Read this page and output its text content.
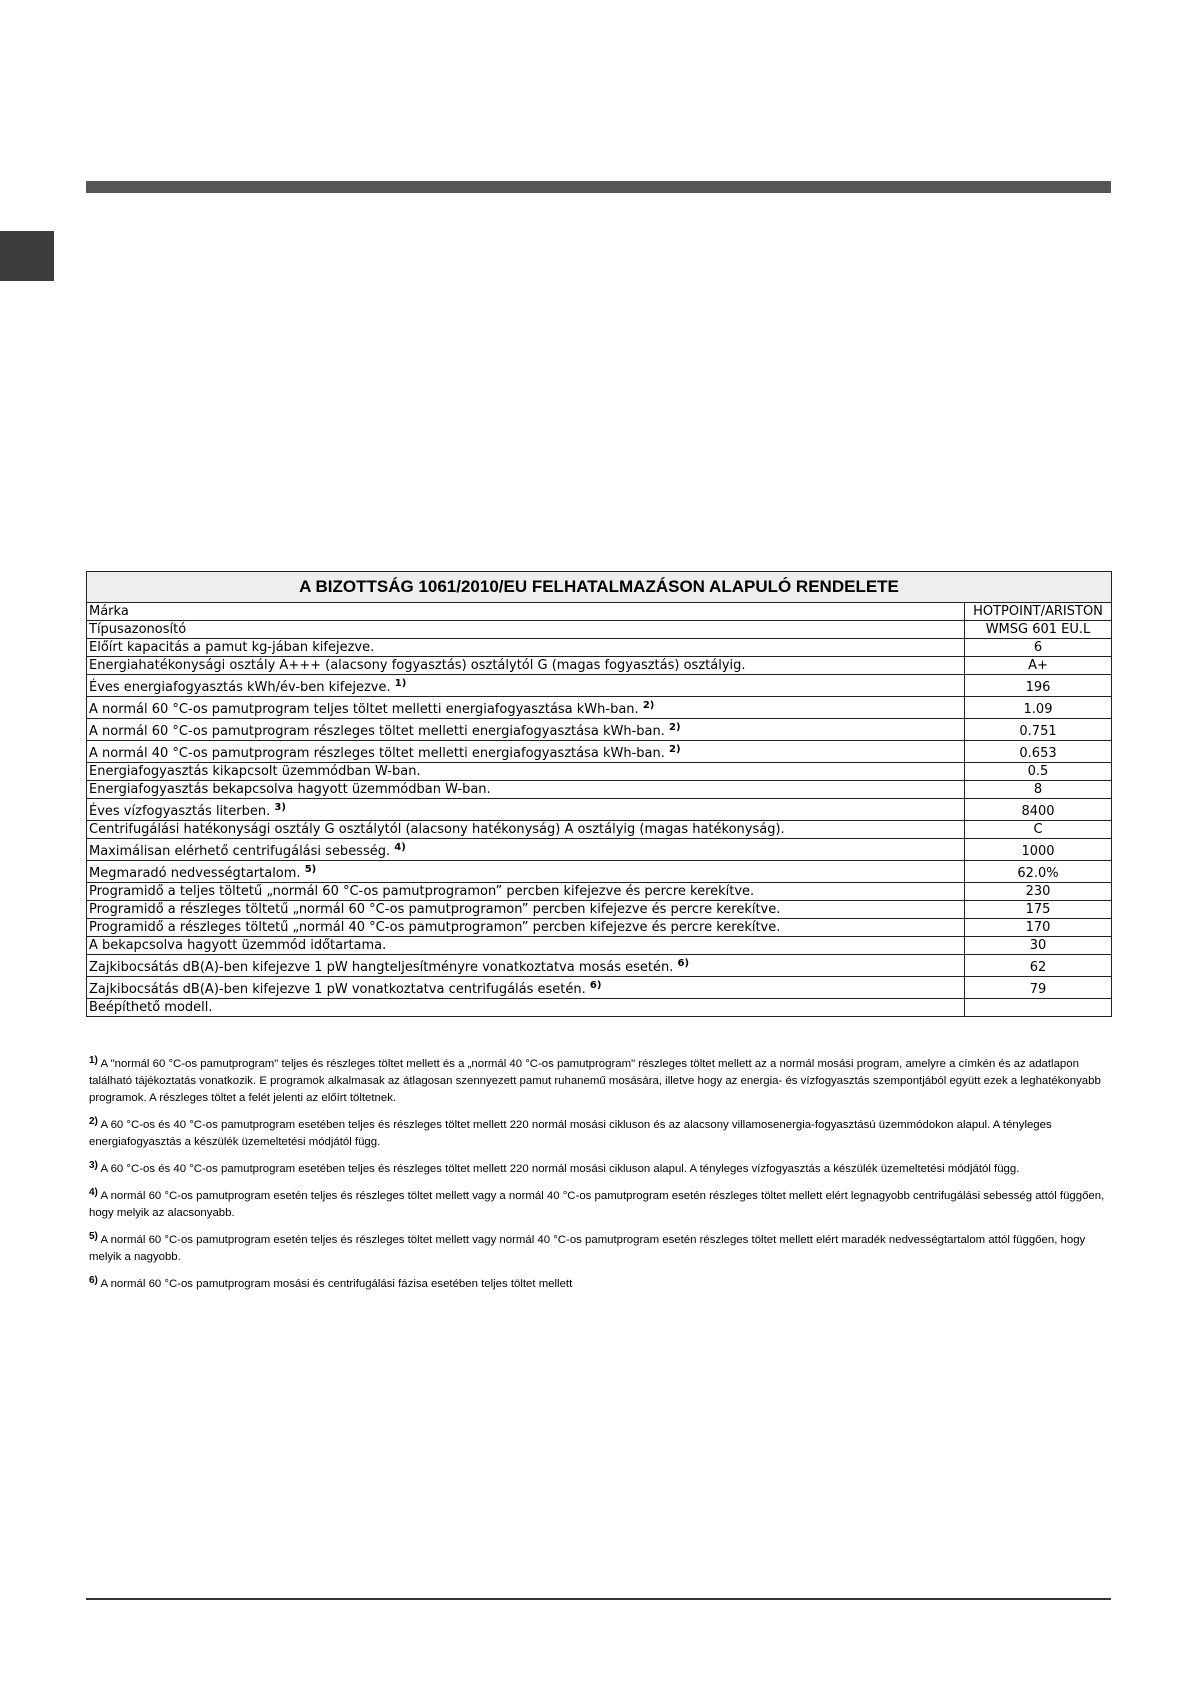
A BIZOTTSÁG 1061/2010/EU FELHATALMAZÁSON ALAPULÓ RENDELETE	
Márka	HOTPOINT/ARISTON
Típusazonosító	WMSG 601 EU.L
Előírt kapacitás a pamut kg-jában kifejezve.	6
Energiahatékonysági osztály A+++ (alacsony fogyasztás) osztálytól G (magas fogyasztás) osztályig.	A+
Éves energiafogyasztás kWh/év-ben kifejezve. $^{1)}$	196
A normál 60 °C-os pamutprogram teljes töltet melletti energiafogyasztása kWh-ban. $^{2)}$	1.09
A normál 60 °C-os pamutprogram részleges töltet melletti energiafogyasztása kWh-ban. $^{2)}$	0.751
A normál 40 °C-os pamutprogram részleges töltet melletti energiafogyasztása kWh-ban. $^{2)}$	0.653
Energiafogyasztás kikapcsolt üzemmódban W-ban.	0.5
Energiafogyasztás bekapcsolva hagyott üzemmódban W-ban.	8
Éves vízfogyasztás literben. $^{3)}$	8400
Centrifugálási hatékonysági osztály G osztálytól (alacsony hatékonyság) A osztályig (magas hatékonyság).	C
Maximálisan elérhető centrifugálási sebesség. $^{4)}$	1000
Megmaradó nedvességtartalom. $^{5)}$	62.0%
Programidő a teljes töltetű „normál 60 °C-os pamutprogramon” percben kifejezve és percre kerekítve.	230
Programidő a részleges töltetű „normál 60 °C-os pamutprogramon” percben kifejezve és percre kerekítve.	175
Programidő a részleges töltetű „normál 40 °C-os pamutprogramon” percben kifejezve és percre kerekítve.	170
A bekapcsolva hagyott üzemmód időtartama.	30
Zajkibocsátás dB(A)-ben kifejezve 1 pW hangteljesítményre vonatkoztatva mosás esetén. $^{6)}$	62
Zajkibocsátás dB(A)-ben kifejezve 1 pW vonatkoztatva centrifugálás esetén. $^{6)}$	79
Beépíthető modell.	

$^{1)}$ A "normál 60 °C-os pamutprogram" teljes és részleges töltet mellett és a „normál 40 °C-os pamutprogram" részleges töltet mellett az a normál mosási program, amelyre a címkén és az adatlapon található tájékoztatás vonatkozik. E programok alkalmasak az átlagosan szennyezett pamut ruhanemű mosására, illetve hogy az energia- és vízfogyasztás szempontjából együtt ezek a leghatékonyabb programok. A részleges töltet a felét jelenti az előírt töltetnek.

$^{2)}$ A 60 °C-os és 40 °C-os pamutprogram esetében teljes és részleges töltet mellett 220 normál mosási cikluson és az alacsony villamosenergia-fogyasztású üzemmódokon alapul. A tényleges energiafogyasztás a készülék üzemeltetési módjától függ.

$^{3)}$ A 60 °C-os és 40 °C-os pamutprogram esetében teljes és részleges töltet mellett 220 normál mosási cikluson alapul. A tényleges vízfogyasztás a készülék üzemeltetési módjától függ.

$^{4)}$ A normál 60 °C-os pamutprogram esetén teljes és részleges töltet mellett vagy a normál 40 °C-os pamutprogram esetén részleges töltet mellett elért legnagyobb centrifugálási sebesség attól függően, hogy melyik az alacsonyabb.

$^{5)}$ A normál 60 °C-os pamutprogram esetén teljes és részleges töltet mellett vagy normál 40 °C-os pamutprogram esetén részleges töltet mellett elért maradék nedvességtartalom attól függően, hogy melyik a nagyobb.

$^{6)}$ A normál 60 °C-os pamutprogram mosási és centrifugálási fázisa esetében teljes töltet mellett
